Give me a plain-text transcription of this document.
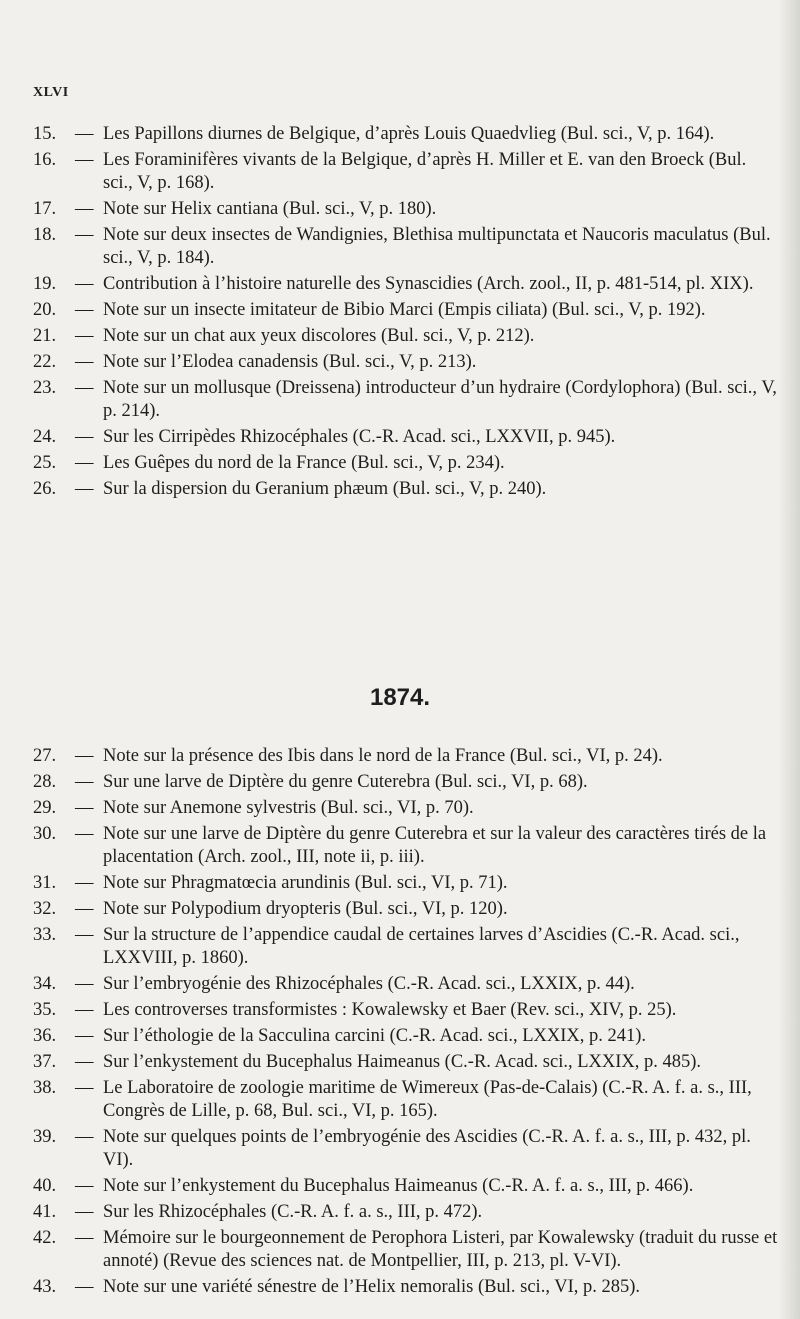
XLVI
15.	— Les Papillons diurnes de Belgique, d’après Louis Quaedvlieg (Bul. sci., V, p. 164).
16.	— Les Foraminifères vivants de la Belgique, d’après H. Miller et E. van den Broeck (Bul. sci., V, p. 168).
17.	— Note sur Helix cantiana (Bul. sci., V, p. 180).
18.	— Note sur deux insectes de Wandignies, Blethisa multipunctata et Naucoris maculatus (Bul. sci., V, p. 184).
19.	— Contribution à l’histoire naturelle des Synascidies (Arch. zool., II, p. 481-514, pl. XIX).
20.	— Note sur un insecte imitateur de Bibio Marci (Empis ciliata) (Bul. sci., V, p. 192).
21.	— Note sur un chat aux yeux discolores (Bul. sci., V, p. 212).
22.	— Note sur l’Elodea canadensis (Bul. sci., V, p. 213).
23.	— Note sur un mollusque (Dreissena) introducteur d’un hydraire (Cordylophora) (Bul. sci., V, p. 214).
24.	— Sur les Cirripèdes Rhizocéphales (C.-R. Acad. sci., LXXVII, p. 945).
25.	— Les Guêpes du nord de la France (Bul. sci., V, p. 234).
26.	— Sur la dispersion du Geranium phæum (Bul. sci., V, p. 240).
1874.
27.	— Note sur la présence des Ibis dans le nord de la France (Bul. sci., VI, p. 24).
28.	— Sur une larve de Diptère du genre Cuterebra (Bul. sci., VI, p. 68).
29.	— Note sur Anemone sylvestris (Bul. sci., VI, p. 70).
30.	— Note sur une larve de Diptère du genre Cuterebra et sur la valeur des caractères tirés de la placentation (Arch. zool., III, note ii, p. iii).
31.	— Note sur Phragmatœcia arundinis (Bul. sci., VI, p. 71).
32.	— Note sur Polypodium dryopteris (Bul. sci., VI, p. 120).
33.	— Sur la structure de l’appendice caudal de certaines larves d’Ascidies (C.-R. Acad. sci., LXXVIII, p. 1860).
34.	— Sur l’embryogénie des Rhizocéphales (C.-R. Acad. sci., LXXIX, p. 44).
35.	— Les controverses transformistes : Kowalewsky et Baer (Rev. sci., XIV, p. 25).
36.	— Sur l’éthologie de la Sacculina carcini (C.-R. Acad. sci., LXXIX, p. 241).
37.	— Sur l’enkystement du Bucephalus Haimeanus (C.-R. Acad. sci., LXXIX, p. 485).
38.	— Le Laboratoire de zoologie maritime de Wimereux (Pas-de-Calais) (C.-R. A. f. a. s., III, Congrès de Lille, p. 68, Bul. sci., VI, p. 165).
39.	— Note sur quelques points de l’embryogénie des Ascidies (C.-R. A. f. a. s., III, p. 432, pl. VI).
40.	— Note sur l’enkystement du Bucephalus Haimeanus (C.-R. A. f. a. s., III, p. 466).
41.	— Sur les Rhizocéphales (C.-R. A. f. a. s., III, p. 472).
42.	— Mémoire sur le bourgeonnement de Perophora Listeri, par Kowalewsky (traduit du russe et annoté) (Revue des sciences nat. de Montpellier, III, p. 213, pl. V-VI).
43.	— Note sur une variété sénestre de l’Helix nemoralis (Bul. sci., VI, p. 285).
